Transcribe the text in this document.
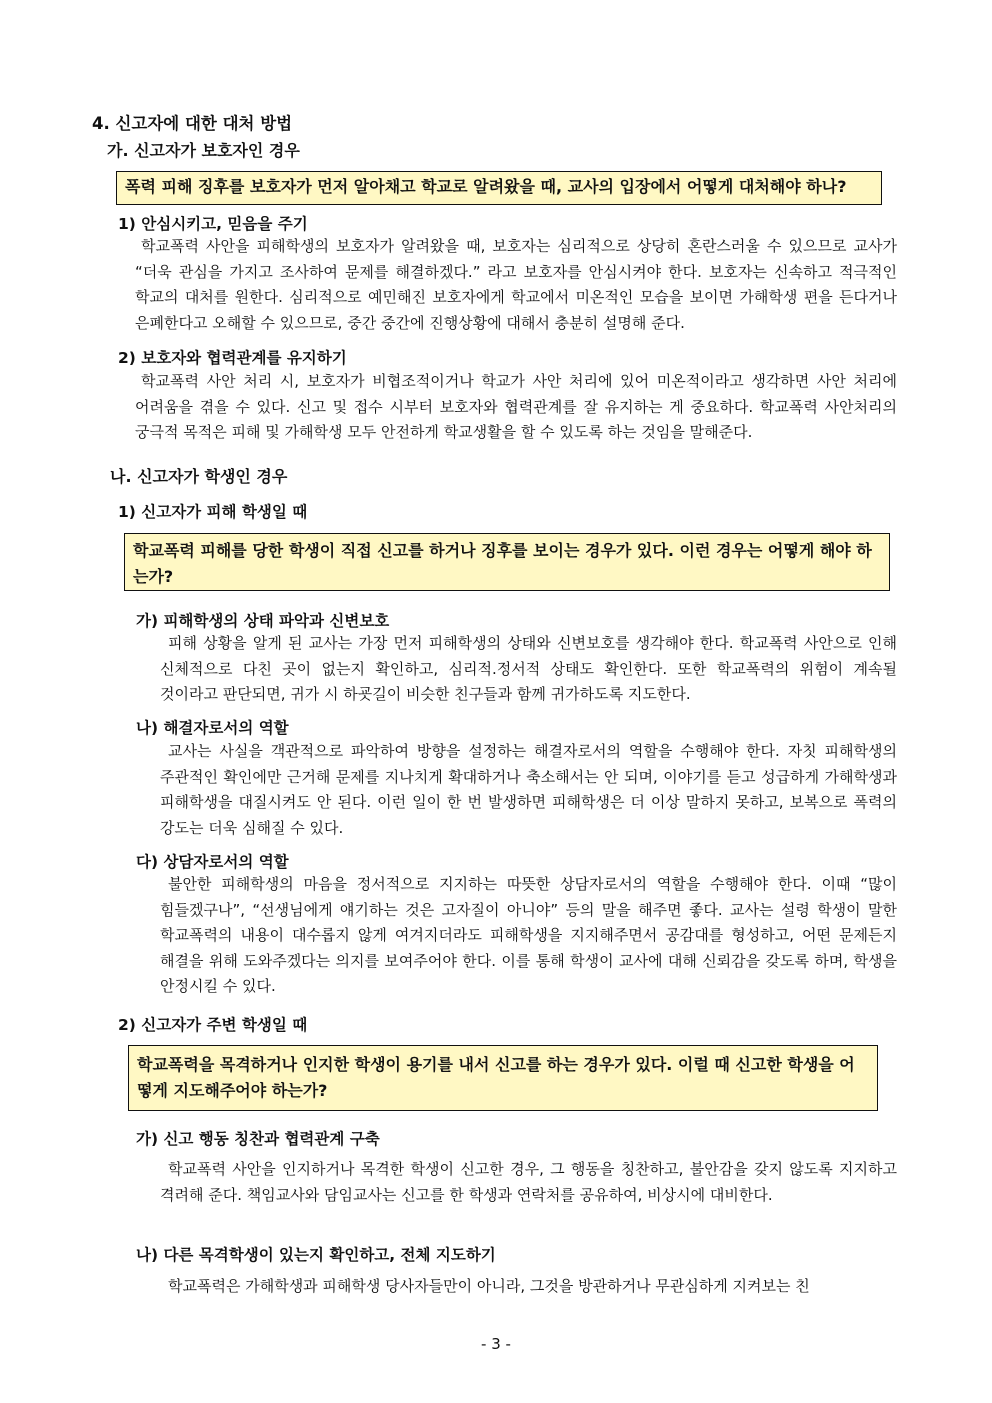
4. 신고자에 대한 대처 방법
가. 신고자가 보호자인 경우
폭력 피해 징후를 보호자가 먼저 알아채고 학교로 알려왔을 때, 교사의 입장에서 어떻게 대처해야 하나?
1) 안심시키고, 믿음을 주기

학교폭력 사안을 피해학생의 보호자가 알려왔을 때, 보호자는 심리적으로 상당히 혼란스러울 수 있으므로 교사가 “더욱 관심을 가지고 조사하여 문제를 해결하겠다.” 라고 보호자를 안심시켜야 한다. 보호자는 신속하고 적극적인 학교의 대처를 원한다. 심리적으로 예민해진 보호자에게 학교에서 미온적인 모습을 보이면 가해학생 편을 든다거나 은폐한다고 오해할 수 있으므로, 중간 중간에 진행상황에 대해서 충분히 설명해 준다.

2) 보호자와 협력관계를 유지하기

학교폭력 사안 처리 시, 보호자가 비협조적이거나 학교가 사안 처리에 있어 미온적이라고 생각하면 사안 처리에 어려움을 겪을 수 있다. 신고 및 접수 시부터 보호자와 협력관계를 잘 유지하는 게 중요하다. 학교폭력 사안처리의 궁극적 목적은 피해 및 가해학생 모두 안전하게 학교생활을 할 수 있도록 하는 것임을 말해준다.

나. 신고자가 학생인 경우
1) 신고자가 피해 학생일 때
학교폭력 피해를 당한 학생이 직접 신고를 하거나 징후를 보이는 경우가 있다. 이런 경우는 어떻게 해야 하는가?
가) 피해학생의 상태 파악과 신변보호

피해 상황을 알게 된 교사는 가장 먼저 피해학생의 상태와 신변보호를 생각해야 한다. 학교폭력 사안으로 인해 신체적으로 다친 곳이 없는지 확인하고, 심리적.정서적 상태도 확인한다. 또한 학교폭력의 위험이 계속될 것이라고 판단되면, 귀가 시 하굣길이 비슷한 친구들과 함께 귀가하도록 지도한다.

나) 해결자로서의 역할

교사는 사실을 객관적으로 파악하여 방향을 설정하는 해결자로서의 역할을 수행해야 한다. 자칫 피해학생의 주관적인 확인에만 근거해 문제를 지나치게 확대하거나 축소해서는 안 되며, 이야기를 듣고 성급하게 가해학생과 피해학생을 대질시켜도 안 된다. 이런 일이 한 번 발생하면 피해학생은 더 이상 말하지 못하고, 보복으로 폭력의 강도는 더욱 심해질 수 있다.

다) 상담자로서의 역할

불안한 피해학생의 마음을 정서적으로 지지하는 따뜻한 상담자로서의 역할을 수행해야 한다. 이때 “많이 힘들겠구나”, “선생님에게 얘기하는 것은 고자질이 아니야” 등의 말을 해주면 좋다. 교사는 설령 학생이 말한 학교폭력의 내용이 대수롭지 않게 여겨지더라도 피해학생을 지지해주면서 공감대를 형성하고, 어떤 문제든지 해결을 위해 도와주겠다는 의지를 보여주어야 한다. 이를 통해 학생이 교사에 대해 신뢰감을 갖도록 하며, 학생을 안정시킬 수 있다.

2) 신고자가 주변 학생일 때
학교폭력을 목격하거나 인지한 학생이 용기를 내서 신고를 하는 경우가 있다. 이럴 때 신고한 학생을 어떻게 지도해주어야 하는가?
가) 신고 행동 칭찬과 협력관계 구축

학교폭력 사안을 인지하거나 목격한 학생이 신고한 경우, 그 행동을 칭찬하고, 불안감을 갖지 않도록 지지하고 격려해 준다. 책임교사와 담임교사는 신고를 한 학생과 연락처를 공유하여, 비상시에 대비한다.

나) 다른 목격학생이 있는지 확인하고, 전체 지도하기

학교폭력은 가해학생과 피해학생 당사자들만이 아니라, 그것을 방관하거나 무관심하게 지켜보는 친

- 3 -
